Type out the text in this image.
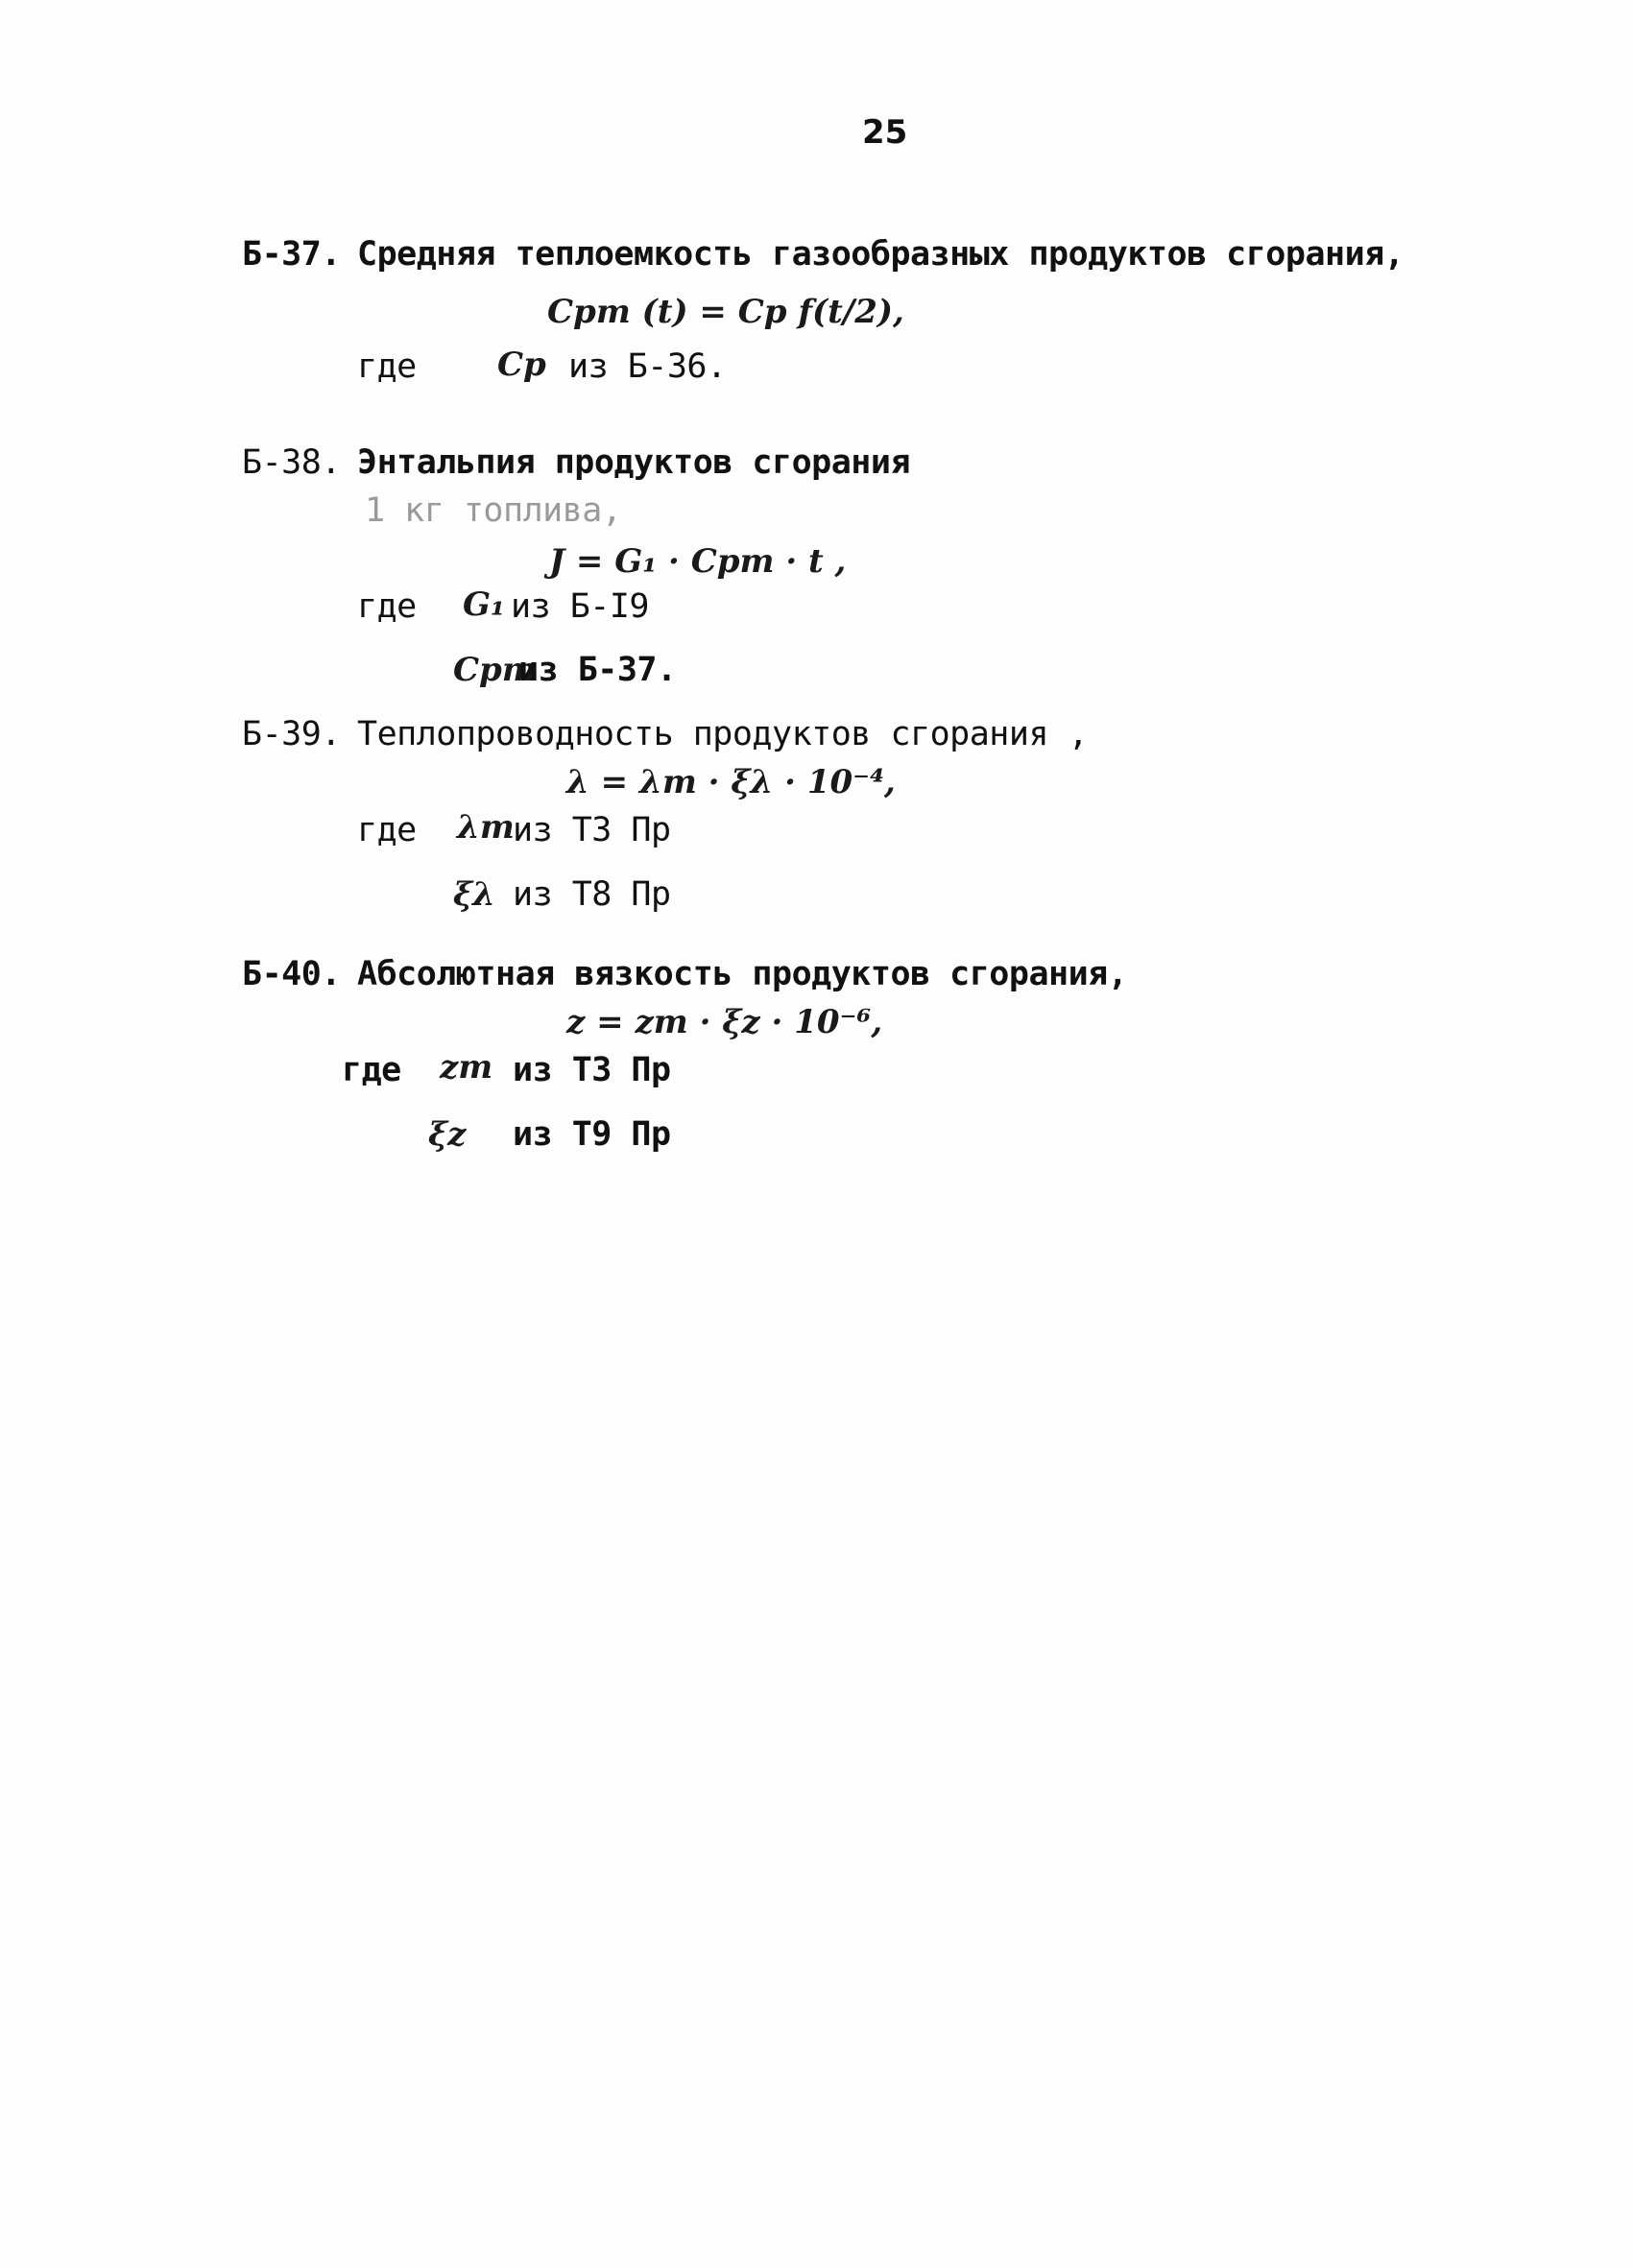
25
Б-37. Средняя теплоемкость газообразных продуктов сгорания,
Cpm (t) = Cp f(t/2),
где Cp из Б-36.
Б-38. Энтальпия продуктов сгорания
1 кг топлива,
J = G₁ · Cpm · t ,
где G₁ из Б-I9
Cpm
из Б-37.
Б-39. Теплопроводность продуктов сгорания ,
λ = λт · ξλ · 10⁻⁴,
где λт
из Т3 Пр
ξλ из Т8 Пр
Б-40. Абсолютная вязкость продуктов сгорания,
z = zт · ξz · 10⁻⁶,
где zт из Т3 Пр
ξz из Т9 Пр
